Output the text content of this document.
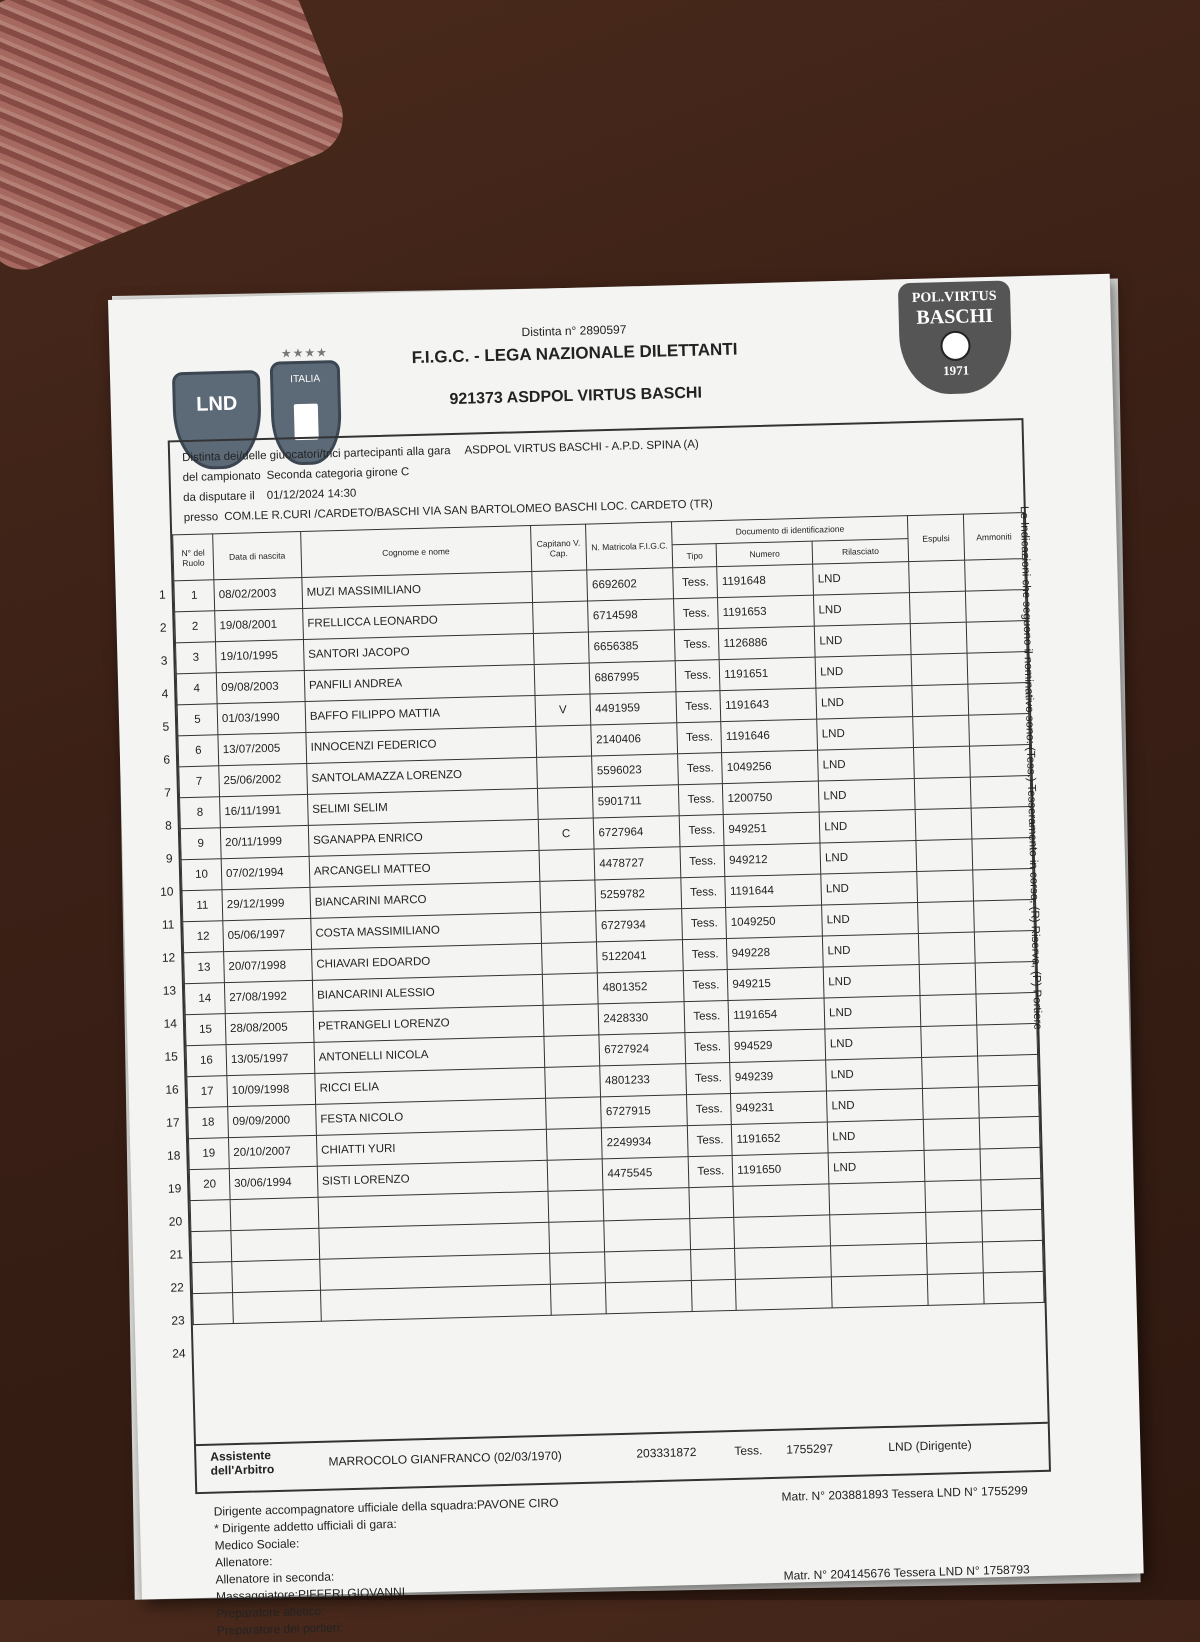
LND
★★★★
ITALIA
Distinta n° 2890597
F.I.G.C. - LEGA NAZIONALE DILETTANTI
921373 ASDPOL VIRTUS BASCHI
POL.VIRTUS
BASCHI
1971
Distinta dei/delle giuocatori/trici partecipanti alla gara ASDPOL VIRTUS BASCHI - A.P.D. SPINA (A)
del campionato Seconda categoria girone C
da disputare il 01/12/2024 14:30
presso COM.LE R.CURI /CARDETO/BASCHI VIA SAN BARTOLOMEO BASCHI LOC. CARDETO (TR)
N° del Ruolo	Data di nascita	Cognome e nome	Capitano V. Cap.	N. Matricola F.I.G.C.	Documento di identificazione			Espulsi	Ammoniti
					Tipo	Numero	Rilasciato		
1	08/02/2003	MUZI MASSIMILIANO		6692602	Tess.	1191648	LND		
2	19/08/2001	FRELLICCA LEONARDO		6714598	Tess.	1191653	LND		
3	19/10/1995	SANTORI JACOPO		6656385	Tess.	1126886	LND		
4	09/08/2003	PANFILI ANDREA		6867995	Tess.	1191651	LND		
5	01/03/1990	BAFFO FILIPPO MATTIA	V	4491959	Tess.	1191643	LND		
6	13/07/2005	INNOCENZI FEDERICO		2140406	Tess.	1191646	LND		
7	25/06/2002	SANTOLAMAZZA LORENZO		5596023	Tess.	1049256	LND		
8	16/11/1991	SELIMI SELIM		5901711	Tess.	1200750	LND		
9	20/11/1999	SGANAPPA ENRICO	C	6727964	Tess.	949251	LND		
10	07/02/1994	ARCANGELI MATTEO		4478727	Tess.	949212	LND		
11	29/12/1999	BIANCARINI MARCO		5259782	Tess.	1191644	LND		
12	05/06/1997	COSTA MASSIMILIANO		6727934	Tess.	1049250	LND		
13	20/07/1998	CHIAVARI EDOARDO		5122041	Tess.	949228	LND		
14	27/08/1992	BIANCARINI ALESSIO		4801352	Tess.	949215	LND		
15	28/08/2005	PETRANGELI LORENZO		2428330	Tess.	1191654	LND		
16	13/05/1997	ANTONELLI NICOLA		6727924	Tess.	994529	LND		
17	10/09/1998	RICCI ELIA		4801233	Tess.	949239	LND		
18	09/09/2000	FESTA NICOLO		6727915	Tess.	949231	LND		
19	20/10/2007	CHIATTI YURI		2249934	Tess.	1191652	LND		
20	30/06/1994	SISTI LORENZO		4475545	Tess.	1191650	LND		

1
2
3
4
5
6
7
8
9
10
11
12
13
14
15
16
17
18
19
20
21
22
23
24
Assistente dell'Arbitro
MARROCOLO GIANFRANCO (02/03/1970)	203331872	Tess. 1755297	LND (Dirigente)
Dirigente accompagnatore ufficiale della squadra:PAVONE CIRO
Matr. N° 203881893 Tessera LND N° 1755299
* Dirigente addetto ufficiali di gara:
Medico Sociale:
Allenatore:
Allenatore in seconda:
Massaggiatore:PIFFERI GIOVANNI
Matr. N° 204145676 Tessera LND N° 1758793
Preparatore atletico:
Preparatore dei portieri:
Le Indicazioni che seguono il nominativo sono: (Tess.) Tesseramento in corso, (R) Riserva, (P) Portiere
